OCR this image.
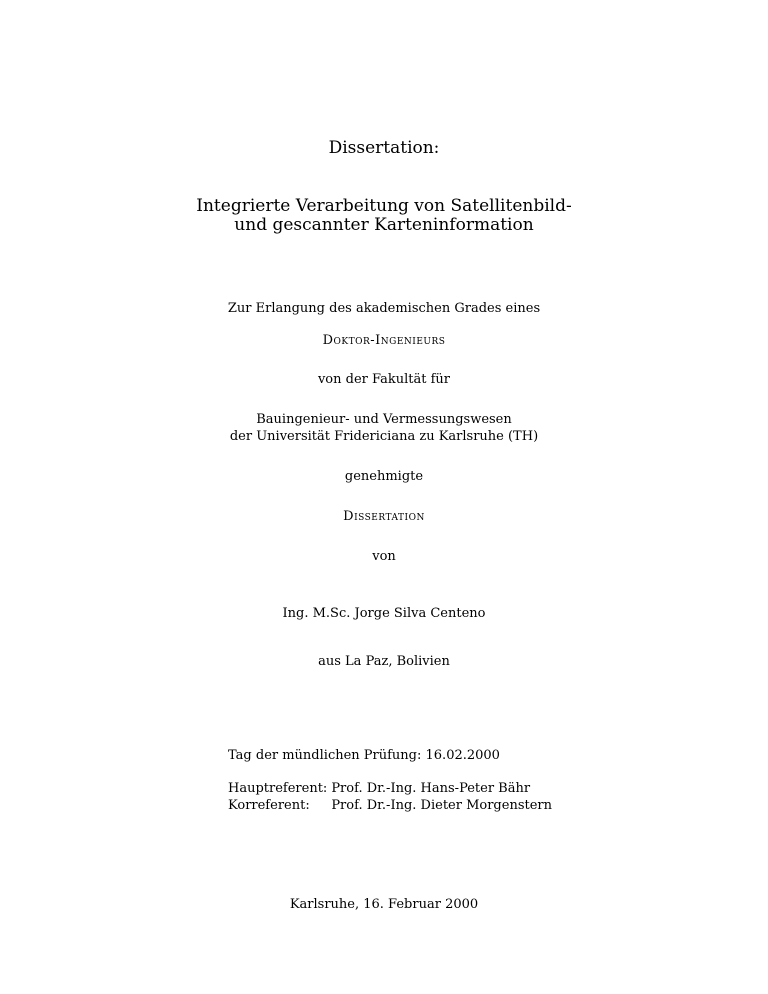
Dissertation:
Integrierte Verarbeitung von Satellitenbild-
und gescannter Karteninformation
Zur Erlangung des akademischen Grades eines
Doktor-Ingenieurs
von der Fakultät für
Bauingenieur- und Vermessungswesen
der Universität Fridericiana zu Karlsruhe (TH)
genehmigte
Dissertation
von
Ing. M.Sc. Jorge Silva Centeno
aus La Paz, Bolivien
Tag der mündlichen Prüfung: 16.02.2000
Hauptreferent:	Prof. Dr.-Ing. Hans-Peter Bähr
Korreferent:	Prof. Dr.-Ing. Dieter Morgenstern
Karlsruhe, 16. Februar 2000
